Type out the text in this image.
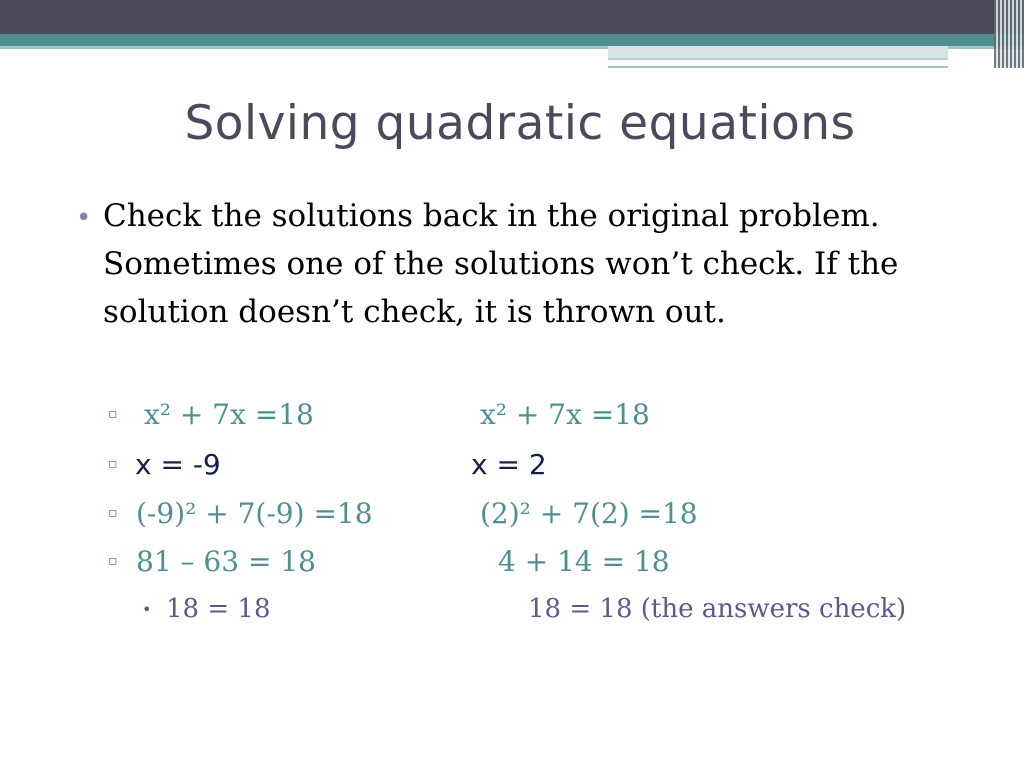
Solving quadratic equations
• Check the solutions back in the original problem. Sometimes one of the solutions won’t check. If the solution doesn’t check, it is thrown out.
▫ x² + 7x =18	x² + 7x =18
▫ x = -9	x = 2
▫ (-9)² + 7(-9) =18	(2)² + 7(2) =18
▫ 81 – 63 = 18	4 + 14 = 18
• 18 = 18	18 = 18 (the answers check)
